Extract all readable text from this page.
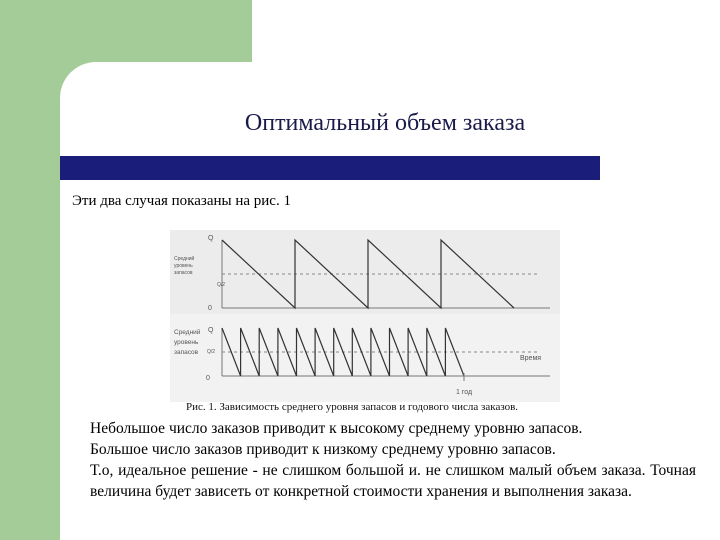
Оптимальный объем заказа
Эти два случая показаны на рис. 1
Q
Средний
уровень
запасов
Q/2
0
Q
Средний
уровень
запасов Q/2
0
Время
1 год
Рис. 1. Зависимость среднего уровня запасов и годового числа заказов.

Небольшое число заказов приводит к высокому среднему уровню запасов.

Большое число заказов приводит к низкому среднему уровню запасов.

Т.о, идеальное решение - не слишком большой и. не слишком малый объем заказа. Точная величина будет зависеть от конкретной стоимости хранения и выполнения заказа.
